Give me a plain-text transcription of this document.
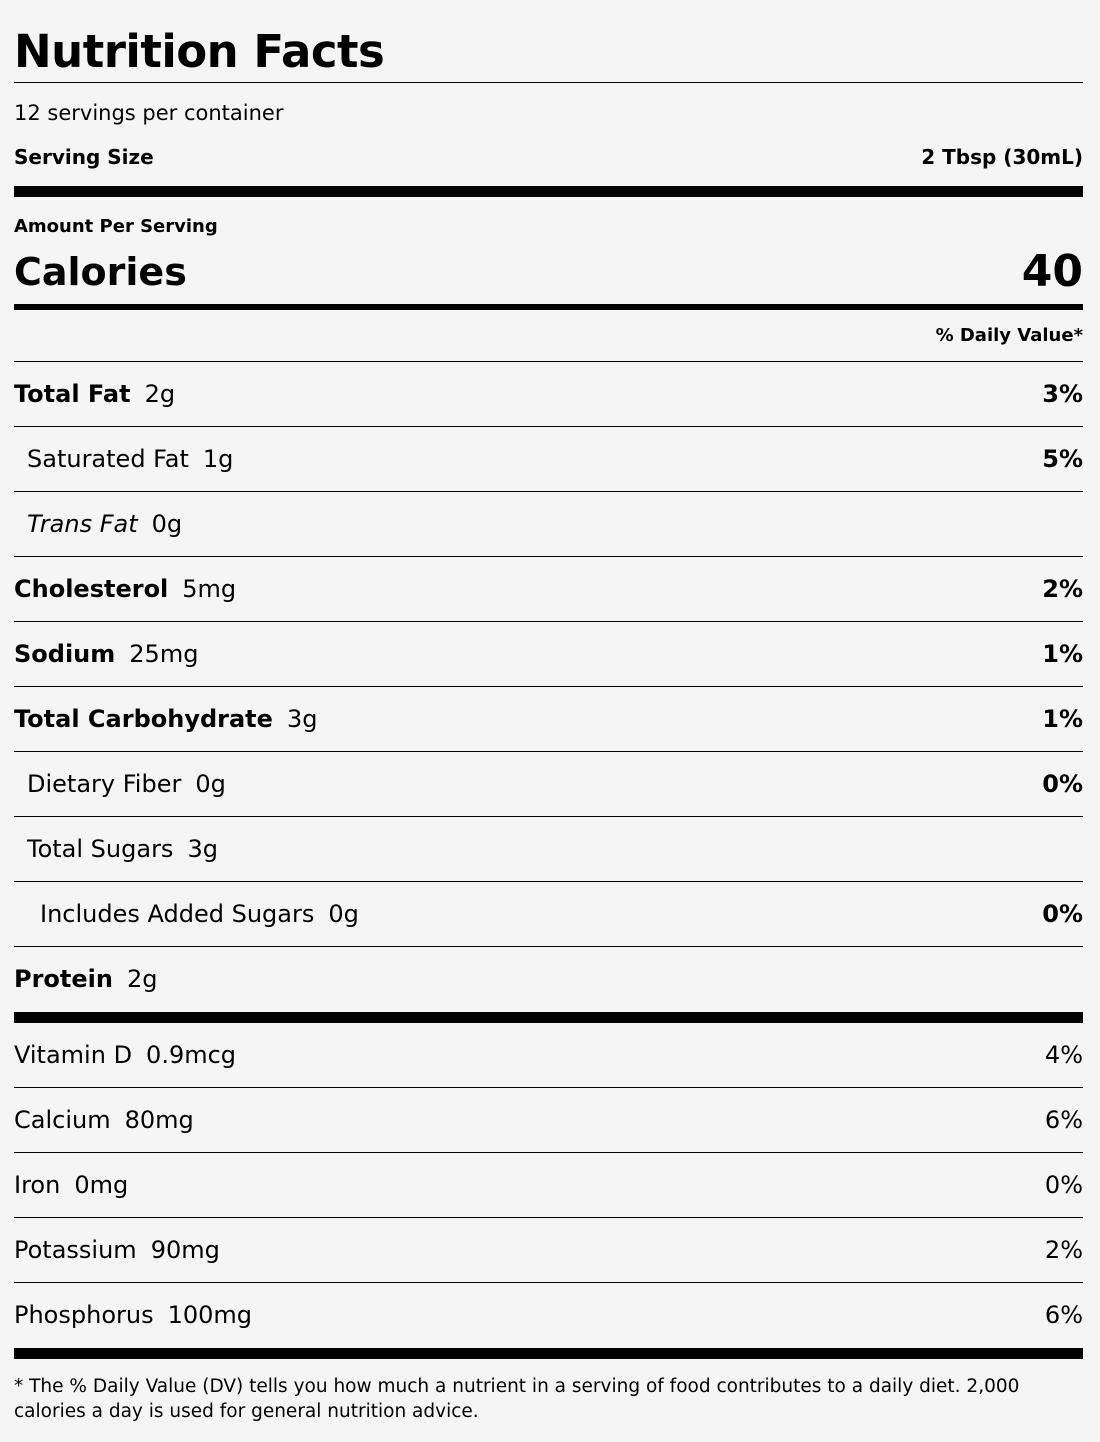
Nutrition Facts
12 servings per container
Serving Size	2 Tbsp (30mL)
Amount Per Serving
Calories	40
% Daily Value*
Total Fat 2g	3%
Saturated Fat 1g	5%
Trans Fat 0g
Cholesterol 5mg	2%
Sodium 25mg	1%
Total Carbohydrate 3g	1%
Dietary Fiber 0g	0%
Total Sugars 3g
Includes Added Sugars 0g	0%
Protein 2g
Vitamin D 0.9mcg	4%
Calcium 80mg	6%
Iron 0mg	0%
Potassium 90mg	2%
Phosphorus 100mg	6%
* The % Daily Value (DV) tells you how much a nutrient in a serving of food contributes to a daily diet. 2,000 calories a day is used for general nutrition advice.
